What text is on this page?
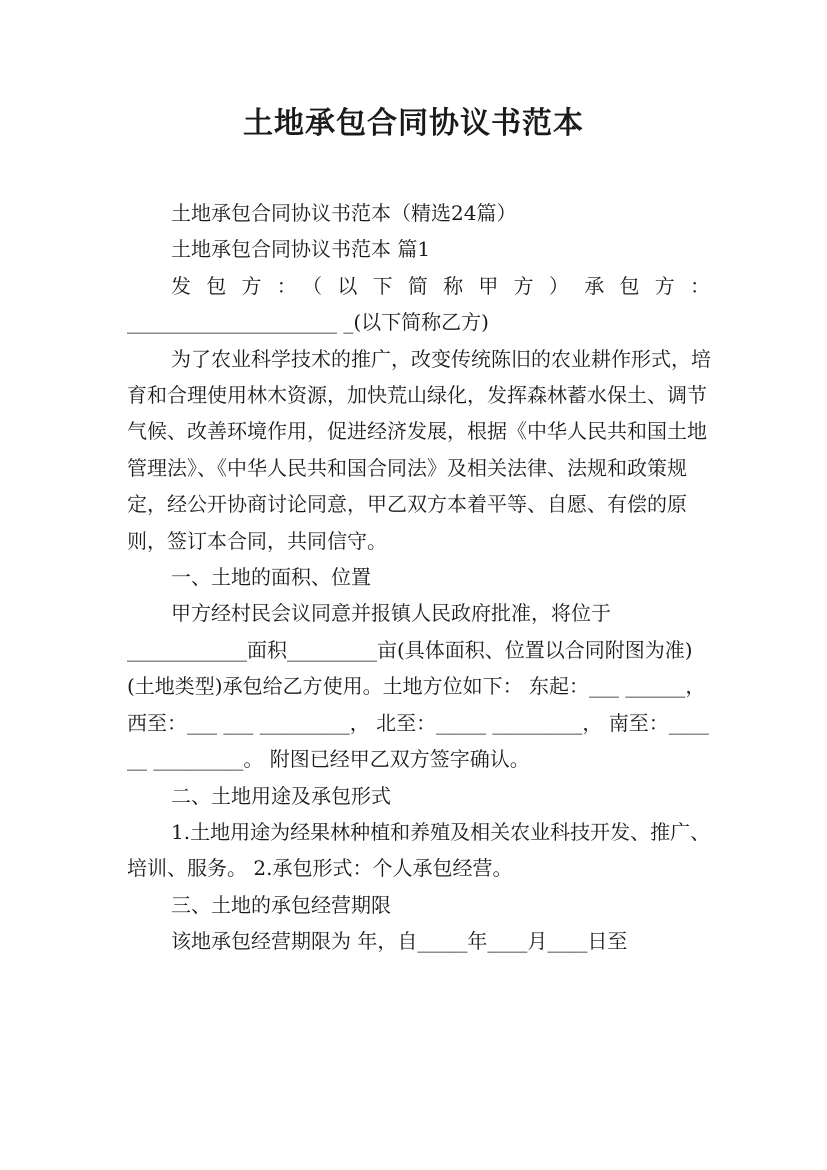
土地承包合同协议书范本

土地承包合同协议书范本（精选24篇）

土地承包合同协议书范本 篇1

发包方：（以下简称甲方）承包方：

_____________________ _(以下简称乙方)

为了农业科学技术的推广，改变传统陈旧的农业耕作形式，培育和合理使用林木资源，加快荒山绿化，发挥森林蓄水保土、调节气候、改善环境作用，促进经济发展，根据《中华人民共和国土地管理法》、《中华人民共和国合同法》及相关法律、法规和政策规定，经公开协商讨论同意，甲乙双方本着平等、自愿、有偿的原则，签订本合同，共同信守。

一、土地的面积、位置

甲方经村民会议同意并报镇人民政府批准，将位于____________面积_________亩(具体面积、位置以合同附图为准) (土地类型)承包给乙方使用。土地方位如下： 东起：___ ______， 西至：___ ___ _________， 北至：_____ _________， 南至：____ __ _________。 附图已经甲乙双方签字确认。

二、土地用途及承包形式

1.土地用途为经果林种植和养殖及相关农业科技开发、推广、培训、服务。 2.承包形式：个人承包经营。

三、土地的承包经营期限

该地承包经营期限为 年，自_____年____月____日至
